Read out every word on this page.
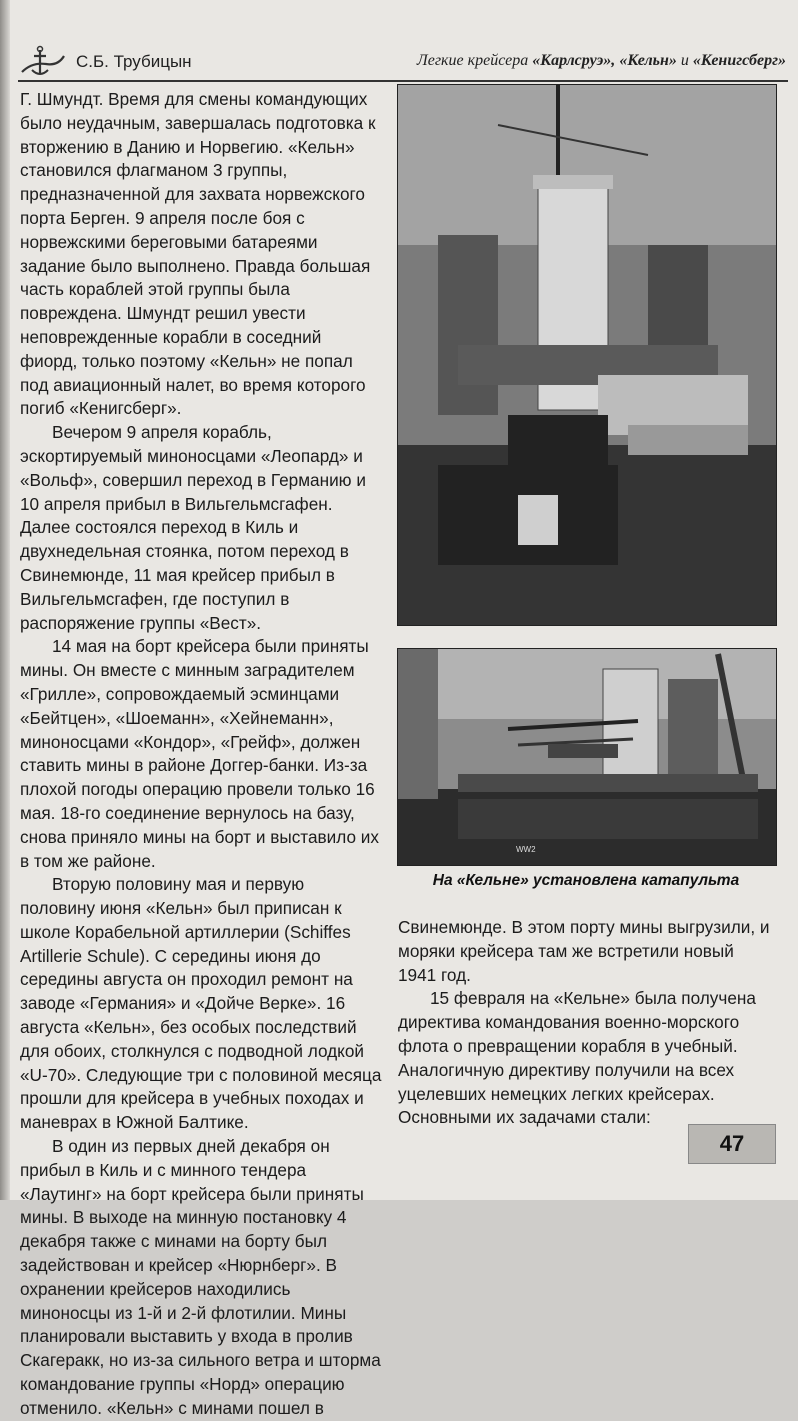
С.Б. Трубицын	Легкие крейсера «Карлсруэ», «Кельн» и «Кенигсберг»

Г. Шмундт. Время для смены командующих было неудачным, завершалась подготовка к вторжению в Данию и Норвегию. «Кельн» становился флагманом 3 группы, предназначенной для захвата норвежского порта Берген. 9 апреля после боя с норвежскими береговыми батареями задание было выполнено. Правда большая часть кораблей этой группы была повреждена. Шмундт решил увести неповрежденные корабли в соседний фиорд, только поэтому «Кельн» не попал под авиационный налет, во время которого погиб «Кенигсберг».

Вечером 9 апреля корабль, эскортируемый миноносцами «Леопард» и «Вольф», совершил переход в Германию и 10 апреля прибыл в Вильгельмсгафен. Далее состоялся переход в Киль и двухнедельная стоянка, потом переход в Свинемюнде, 11 мая крейсер прибыл в Вильгельмсгафен, где поступил в распоряжение группы «Вест».

14 мая на борт крейсера были приняты мины. Он вместе с минным заградителем «Грилле», сопровождаемый эсминцами «Бейтцен», «Шоеманн», «Хейнеманн», миноносцами «Кондор», «Грейф», должен ставить мины в районе Доггер-банки. Из-за плохой погоды операцию провели только 16 мая. 18-го соединение вернулось на базу, снова приняло мины на борт и выставило их в том же районе.

Вторую половину мая и первую половину июня «Кельн» был приписан к школе Корабельной артиллерии (Schiffes Artillerie Schule). С середины июня до середины августа он проходил ремонт на заводе «Германия» и «Дойче Верке». 16 августа «Кельн», без особых последствий для обоих, столкнулся с подводной лодкой «U-70». Следующие три с половиной месяца прошли для крейсера в учебных походах и маневрах в Южной Балтике.

В один из первых дней декабря он прибыл в Киль и с минного тендера «Лаутинг» на борт крейсера были приняты мины. В выходе на минную постановку 4 декабря также с минами на борту был задействован и крейсер «Нюрнберг». В охранении крейсеров находились миноносцы из 1-й и 2-й флотилии. Мины планировали выставить у входа в пролив Скагеракк, но из-за сильного ветра и шторма командование группы «Норд» операцию отменило. «Кельн» с минами пошел в

WW2
На «Кельне» установлена катапульта

Свинемюнде. В этом порту мины выгрузили, и моряки крейсера там же встретили новый 1941 год.

15 февраля на «Кельне» была получена директива командования военно-морского флота о превращении корабля в учебный. Аналогичную директиву получили на всех уцелевших немецких легких крейсерах. Основными их задачами стали:

47
